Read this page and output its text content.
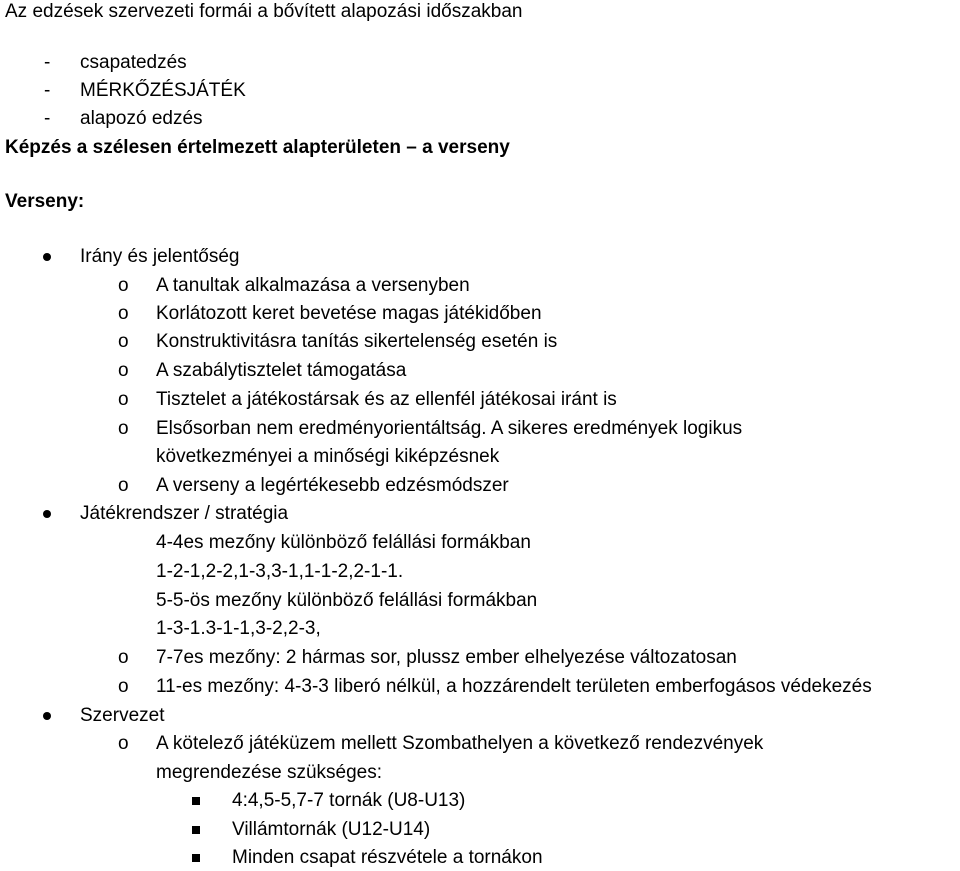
Az edzések szervezeti formái a bővített alapozási időszakban
- csapatedzés
- MÉRKŐZÉSJÁTÉK
- alapozó edzés
Képzés a szélesen értelmezett alapterületen – a verseny
Verseny:
Irány és jelentőség
o A tanultak alkalmazása a versenyben
o Korlátozott keret bevetése magas játékidőben
o Konstruktivitásra tanítás sikertelenség esetén is
o A szabálytisztelet támogatása
o Tisztelet a játékostársak és az ellenfél játékosai iránt is
o Elsősorban nem eredményorientáltság. A sikeres eredmények logikus
következményei a minőségi kiképzésnek
o A verseny a legértékesebb edzésmódszer
Játékrendszer / stratégia
4-4es mezőny különböző felállási formákban
1-2-1,2-2,1-3,3-1,1-1-2,2-1-1.
5-5-ös mezőny különböző felállási formákban
1-3-1.3-1-1,3-2,2-3,
o 7-7es mezőny: 2 hármas sor, plussz ember elhelyezése változatosan
o 11-es mezőny: 4-3-3 liberó nélkül, a hozzárendelt területen emberfogásos védekezés
Szervezet
o A kötelező játéküzem mellett Szombathelyen a következő rendezvények
megrendezése szükséges:
4:4,5-5,7-7 tornák (U8-U13)
Villámtornák (U12-U14)
Minden csapat részvétele a tornákon
